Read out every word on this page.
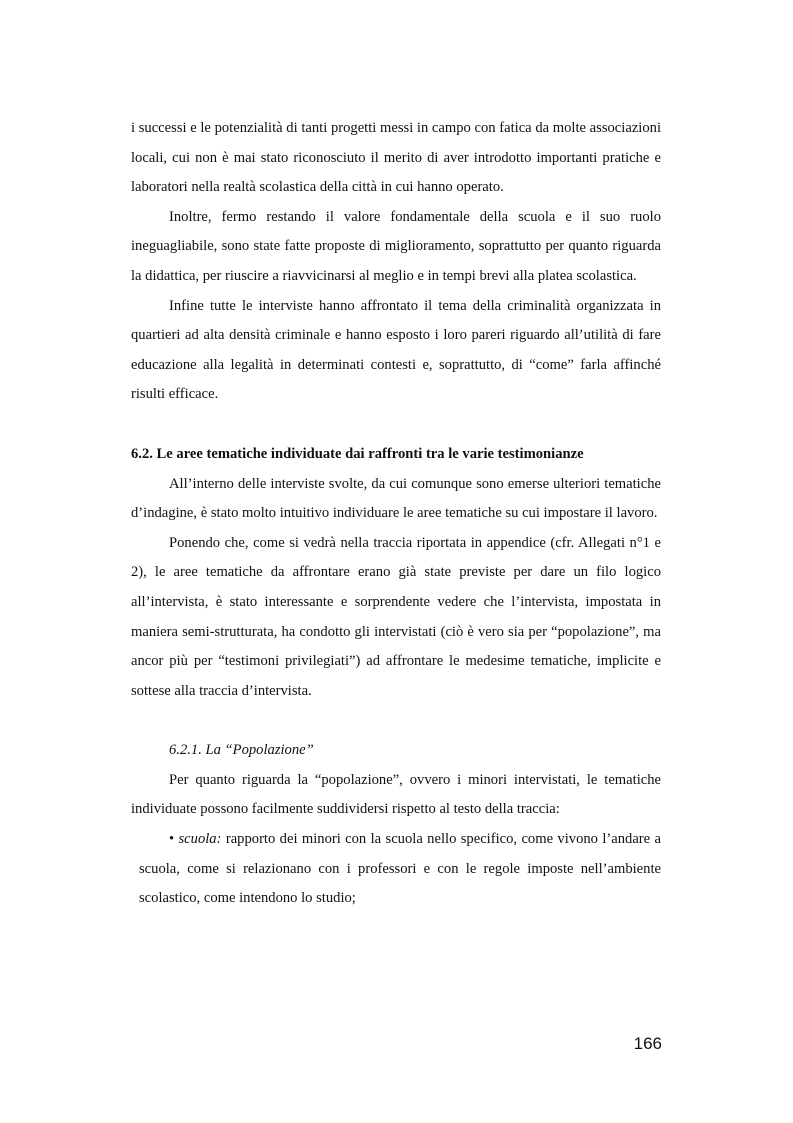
i successi e le potenzialità di tanti progetti messi in campo con fatica da molte associazioni locali, cui non è mai stato riconosciuto il merito di aver introdotto importanti pratiche e laboratori nella realtà scolastica della città in cui hanno operato.

Inoltre, fermo restando il valore fondamentale della scuola e il suo ruolo ineguagliabile, sono state fatte proposte di miglioramento, soprattutto per quanto riguarda la didattica, per riuscire a riavvicinarsi al meglio e in tempi brevi alla platea scolastica.

Infine tutte le interviste hanno affrontato il tema della criminalità organizzata in quartieri ad alta densità criminale e hanno esposto i loro pareri riguardo all’utilità di fare educazione alla legalità in determinati contesti e, soprattutto, di “come” farla affinché risulti efficace.

6.2. Le aree tematiche individuate dai raffronti tra le varie testimonianze

All’interno delle interviste svolte, da cui comunque sono emerse ulteriori tematiche d’indagine, è stato molto intuitivo individuare le aree tematiche su cui impostare il lavoro.

Ponendo che, come si vedrà nella traccia riportata in appendice (cfr. Allegati n°1 e 2), le aree tematiche da affrontare erano già state previste per dare un filo logico all’intervista, è stato interessante e sorprendente vedere che l’intervista, impostata in maniera semi-strutturata, ha condotto gli intervistati (ciò è vero sia per “popolazione”, ma ancor più per “testimoni privilegiati”) ad affrontare le medesime tematiche, implicite e sottese alla traccia d’intervista.

6.2.1. La “Popolazione”

Per quanto riguarda la “popolazione”, ovvero i minori intervistati, le tematiche individuate possono facilmente suddividersi rispetto al testo della traccia:

• scuola: rapporto dei minori con la scuola nello specifico, come vivono l’andare a scuola, come si relazionano con i professori e con le regole imposte nell’ambiente scolastico, come intendono lo studio;

166
